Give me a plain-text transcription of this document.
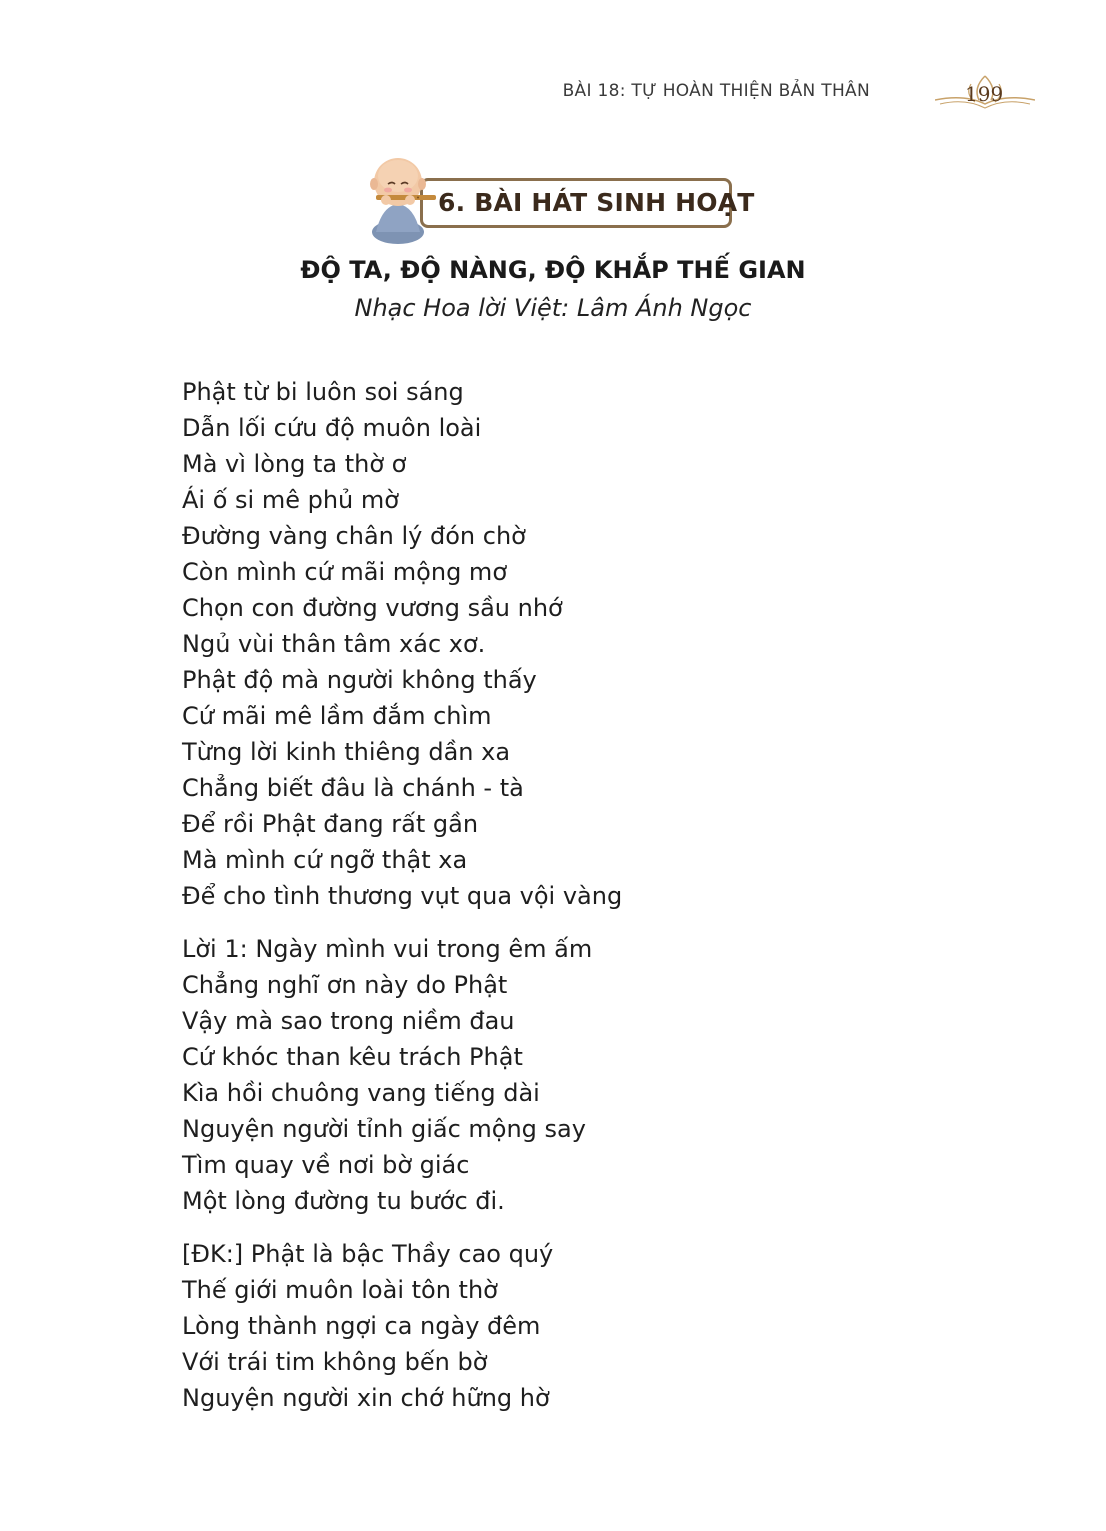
BÀI 18: TỰ HOÀN THIỆN BẢN THÂN	199
6. BÀI HÁT SINH HOẠT
ĐỘ TA, ĐỘ NÀNG, ĐỘ KHẮP THẾ GIAN
Nhạc Hoa lời Việt: Lâm Ánh Ngọc
Phật từ bi luôn soi sáng
Dẫn lối cứu độ muôn loài
Mà vì lòng ta thờ ơ
Ái ố si mê phủ mờ
Đường vàng chân lý đón chờ
Còn mình cứ mãi mộng mơ
Chọn con đường vương sầu nhớ
Ngủ vùi thân tâm xác xơ.
Phật độ mà người không thấy
Cứ mãi mê lầm đắm chìm
Từng lời kinh thiêng dần xa
Chẳng biết đâu là chánh - tà
Để rồi Phật đang rất gần
Mà mình cứ ngỡ thật xa
Để cho tình thương vụt qua vội vàng
Lời 1: Ngày mình vui trong êm ấm
Chẳng nghĩ ơn này do Phật
Vậy mà sao trong niềm đau
Cứ khóc than kêu trách Phật
Kìa hồi chuông vang tiếng dài
Nguyện người tỉnh giấc mộng say
Tìm quay về nơi bờ giác
Một lòng đường tu bước đi.
[ĐK:] Phật là bậc Thầy cao quý
Thế giới muôn loài tôn thờ
Lòng thành ngợi ca ngày đêm
Với trái tim không bến bờ
Nguyện người xin chớ hững hờ
